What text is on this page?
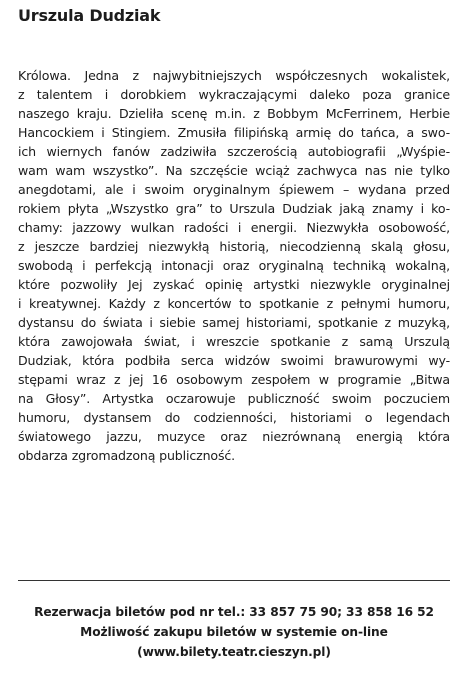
Urszula Dudziak
Królowa. Jedna z najwybitniejszych współczesnych wokalistek,
z talentem i dorobkiem wykraczającymi daleko poza granice
naszego kraju. Dzieliła scenę m.in. z Bobbym McFerrinem, Herbie
Hancockiem i Stingiem. Zmusiła filipińską armię do tańca, a swo-
ich wiernych fanów zadziwiła szczerością autobiografii „Wyśpie-
wam wam wszystko”. Na szczęście wciąż zachwyca nas nie tylko
anegdotami, ale i swoim oryginalnym śpiewem – wydana przed
rokiem płyta „Wszystko gra” to Urszula Dudziak jaką znamy i ko-
chamy: jazzowy wulkan radości i energii. Niezwykła osobowość,
z jeszcze bardziej niezwykłą historią, niecodzienną skalą głosu,
swobodą i perfekcją intonacji oraz oryginalną techniką wokalną,
które pozwoliły Jej zyskać opinię artystki niezwykle oryginalnej
i kreatywnej. Każdy z koncertów to spotkanie z pełnymi humoru,
dystansu do świata i siebie samej historiami, spotkanie z muzyką,
która zawojowała świat, i wreszcie spotkanie z samą Urszulą
Dudziak, która podbiła serca widzów swoimi brawurowymi wy-
stępami wraz z jej 16 osobowym zespołem w programie „Bitwa
na Głosy”. Artystka oczarowuje publiczność swoim poczuciem
humoru, dystansem do codzienności, historiami o legendach
światowego jazzu, muzyce oraz niezrównaną energią która
obdarza zgromadzoną publiczność.
Rezerwacja biletów pod nr tel.: 33 857 75 90; 33 858 16 52
Możliwość zakupu biletów w systemie on-line
(www.bilety.teatr.cieszyn.pl)
